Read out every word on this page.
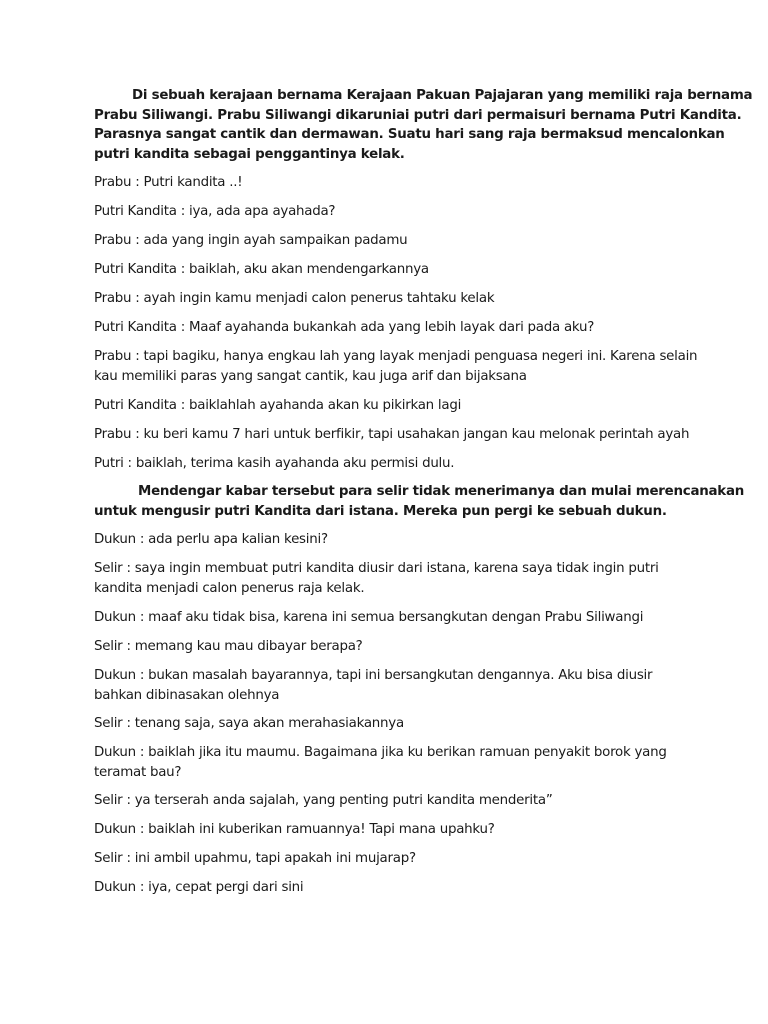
Di sebuah kerajaan bernama Kerajaan Pakuan Pajajaran yang memiliki raja bernama

Prabu Siliwangi. Prabu Siliwangi dikaruniai putri dari permaisuri bernama Putri Kandita.

Parasnya sangat cantik dan dermawan. Suatu hari sang raja bermaksud mencalonkan

putri kandita sebagai penggantinya kelak.

Prabu : Putri kandita ..!

Putri Kandita : iya, ada apa ayahada?

Prabu : ada yang ingin ayah sampaikan padamu

Putri Kandita : baiklah, aku akan mendengarkannya

Prabu : ayah ingin kamu menjadi calon penerus tahtaku kelak

Putri Kandita : Maaf ayahanda bukankah ada yang lebih layak dari pada aku?

Prabu : tapi bagiku, hanya engkau lah yang layak menjadi penguasa negeri ini. Karena selain

kau memiliki paras yang sangat cantik, kau juga arif dan bijaksana

Putri Kandita : baiklahlah ayahanda akan ku pikirkan lagi

Prabu : ku beri kamu 7 hari untuk berfikir, tapi usahakan jangan kau melonak perintah ayah

Putri : baiklah, terima kasih ayahanda aku permisi dulu.

Mendengar kabar tersebut para selir tidak menerimanya dan mulai merencanakan

untuk mengusir putri Kandita dari istana. Mereka pun pergi ke sebuah dukun.

Dukun : ada perlu apa kalian kesini?

Selir : saya ingin membuat putri kandita diusir dari istana, karena saya tidak ingin putri

kandita menjadi calon penerus raja kelak.

Dukun : maaf aku tidak bisa, karena ini semua bersangkutan dengan Prabu Siliwangi

Selir : memang kau mau dibayar berapa?

Dukun : bukan masalah bayarannya, tapi ini bersangkutan dengannya. Aku bisa diusir

bahkan dibinasakan olehnya

Selir : tenang saja, saya akan merahasiakannya

Dukun : baiklah jika itu maumu. Bagaimana jika ku berikan ramuan penyakit borok yang

teramat bau?

Selir : ya terserah anda sajalah, yang penting putri kandita menderita”

Dukun : baiklah ini kuberikan ramuannya! Tapi mana upahku?

Selir : ini ambil upahmu, tapi apakah ini mujarap?

Dukun : iya, cepat pergi dari sini
